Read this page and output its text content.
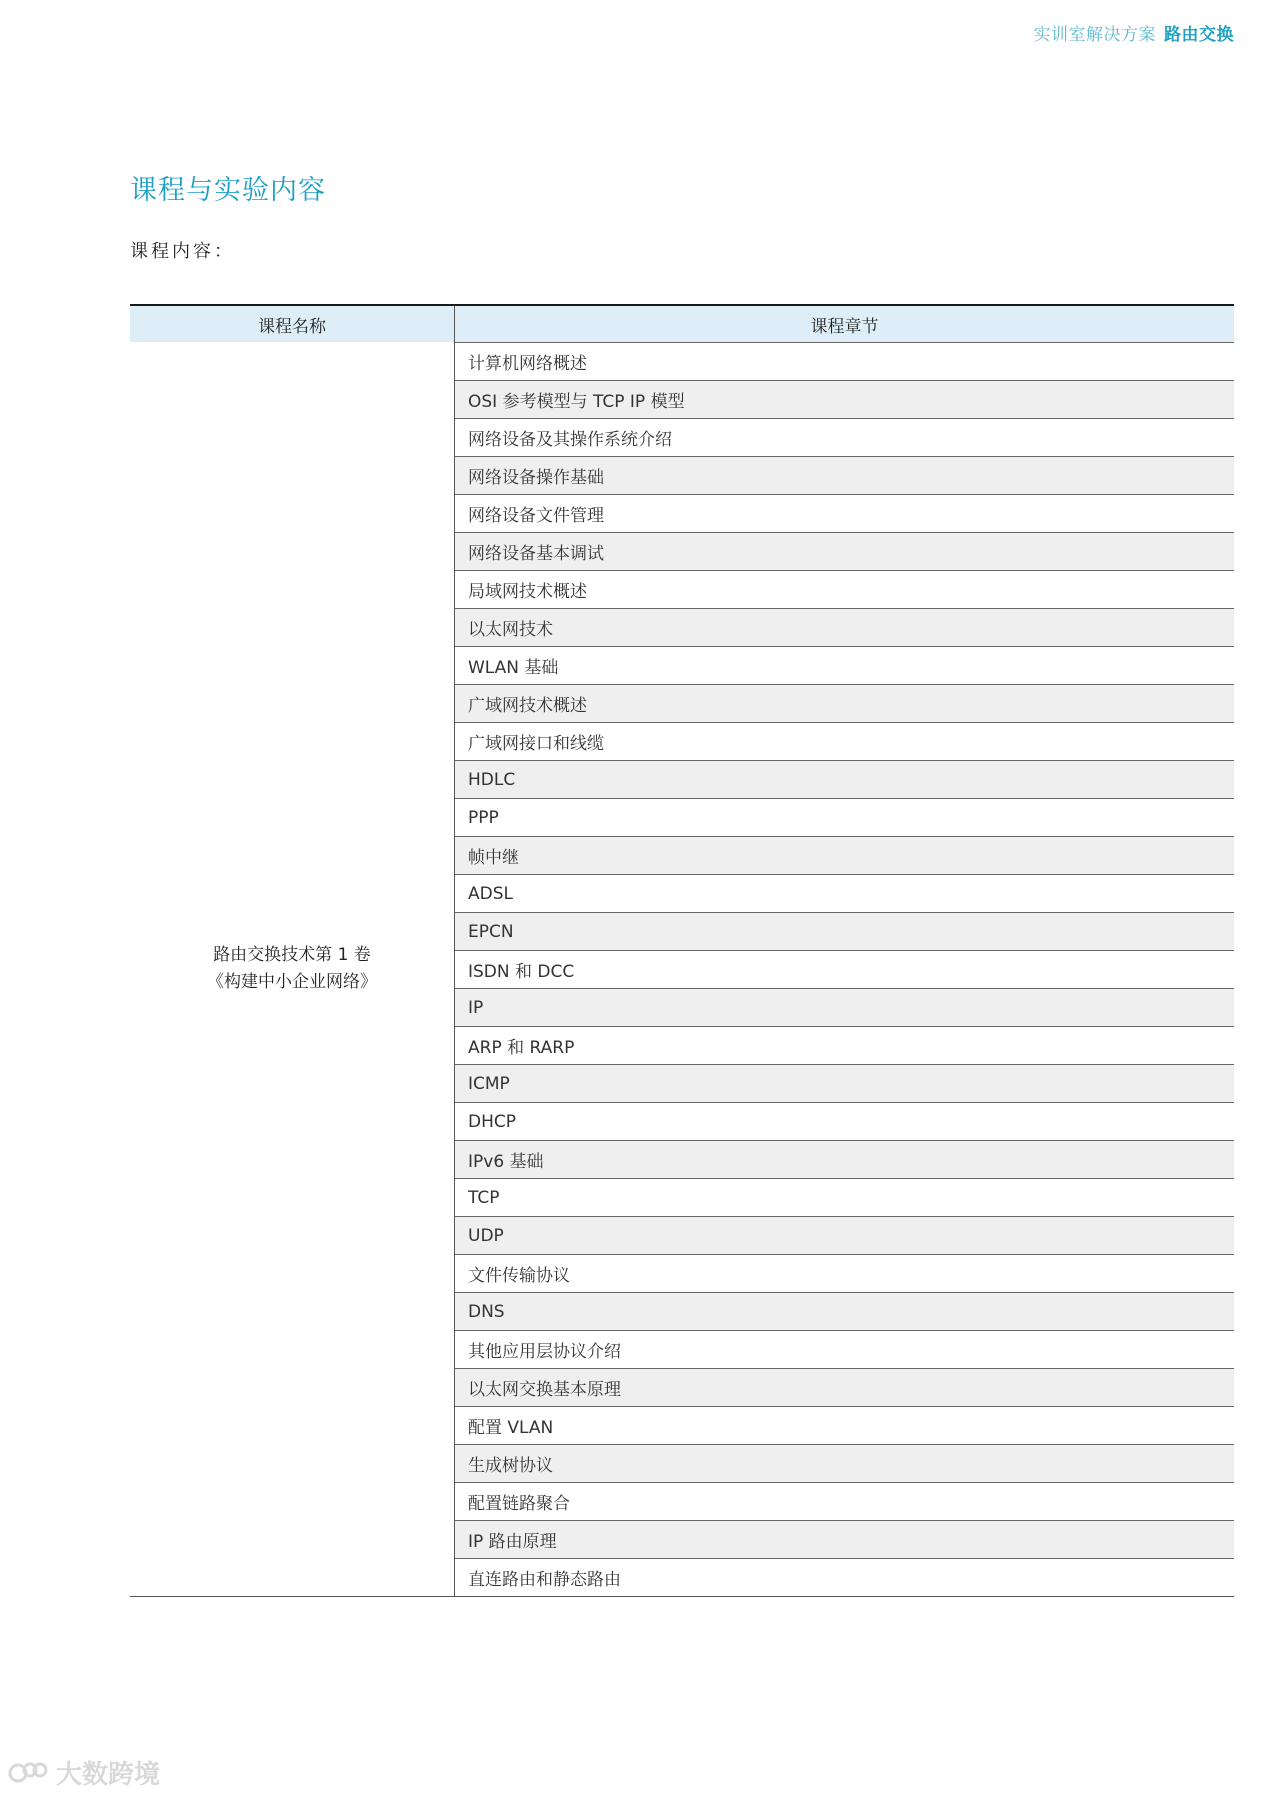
实训室解决方案 路由交换
课程与实验内容
课程内容：
课程名称	课程章节
路由交换技术第 1 卷
《构建中小企业网络》
计算机网络概述
OSI 参考模型与 TCP IP 模型
网络设备及其操作系统介绍
网络设备操作基础
网络设备文件管理
网络设备基本调试
局域网技术概述
以太网技术
WLAN 基础
广域网技术概述
广域网接口和线缆
HDLC
PPP
帧中继
ADSL
EPCN
ISDN 和 DCC
IP
ARP 和 RARP
ICMP
DHCP
IPv6 基础
TCP
UDP
文件传输协议
DNS
其他应用层协议介绍
以太网交换基本原理
配置 VLAN
生成树协议
配置链路聚合
IP 路由原理
直连路由和静态路由
大数跨境
